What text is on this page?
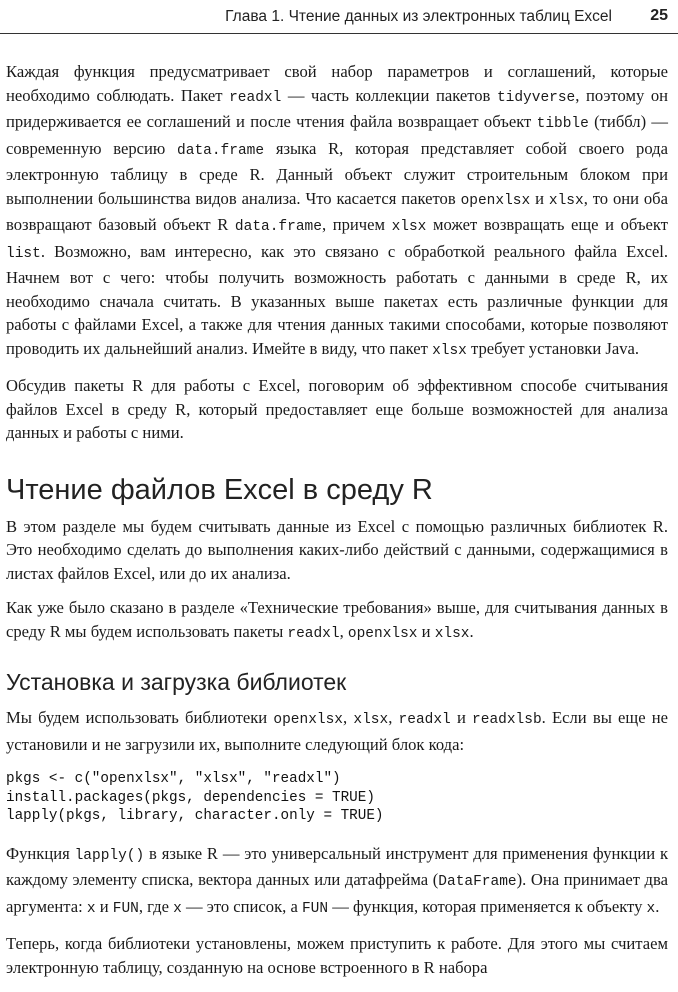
Глава 1. Чтение данных из электронных таблиц Excel 25

Каждая функция предусматривает свой набор параметров и соглашений, которые необходимо соблюдать. Пакет readxl — часть коллекции пакетов tidyverse, поэтому он придерживается ее соглашений и после чтения файла возвращает объект tibble (тиббл) — современную версию data.frame языка R, которая представляет собой своего рода электронную таблицу в среде R. Данный объект служит строительным блоком при выполнении большинства видов анализа. Что касается пакетов openxlsx и xlsx, то они оба возвращают базовый объект R data.frame, причем xlsx может возвращать еще и объект list. Возможно, вам интересно, как это связано с обработкой реального файла Excel. Начнем вот с чего: чтобы получить возможность работать с данными в среде R, их необходимо сначала считать. В указанных выше пакетах есть различные функции для работы с файлами Excel, а также для чтения данных такими способами, которые позволяют проводить их дальнейший анализ. Имейте в виду, что пакет xlsx требует установки Java.

Обсудив пакеты R для работы с Excel, поговорим об эффективном способе считывания файлов Excel в среду R, который предоставляет еще больше возможностей для анализа данных и работы с ними.

Чтение файлов Excel в среду R

В этом разделе мы будем считывать данные из Excel с помощью различных библиотек R. Это необходимо сделать до выполнения каких-либо действий с данными, содержащимися в листах файлов Excel, или до их анализа.

Как уже было сказано в разделе «Технические требования» выше, для считывания данных в среду R мы будем использовать пакеты readxl, openxlsx и xlsx.

Установка и загрузка библиотек

Мы будем использовать библиотеки openxlsx, xlsx, readxl и readxlsb. Если вы еще не установили и не загрузили их, выполните следующий блок кода:

pkgs <- c("openxlsx", "xlsx", "readxl")
install.packages(pkgs, dependencies = TRUE)
lapply(pkgs, library, character.only = TRUE)

Функция lapply() в языке R — это универсальный инструмент для применения функции к каждому элементу списка, вектора данных или датафрейма (DataFrame). Она принимает два аргумента: x и FUN, где x — это список, а FUN — функция, которая применяется к объекту x.

Теперь, когда библиотеки установлены, можем приступить к работе. Для этого мы считаем электронную таблицу, созданную на основе встроенного в R набора
